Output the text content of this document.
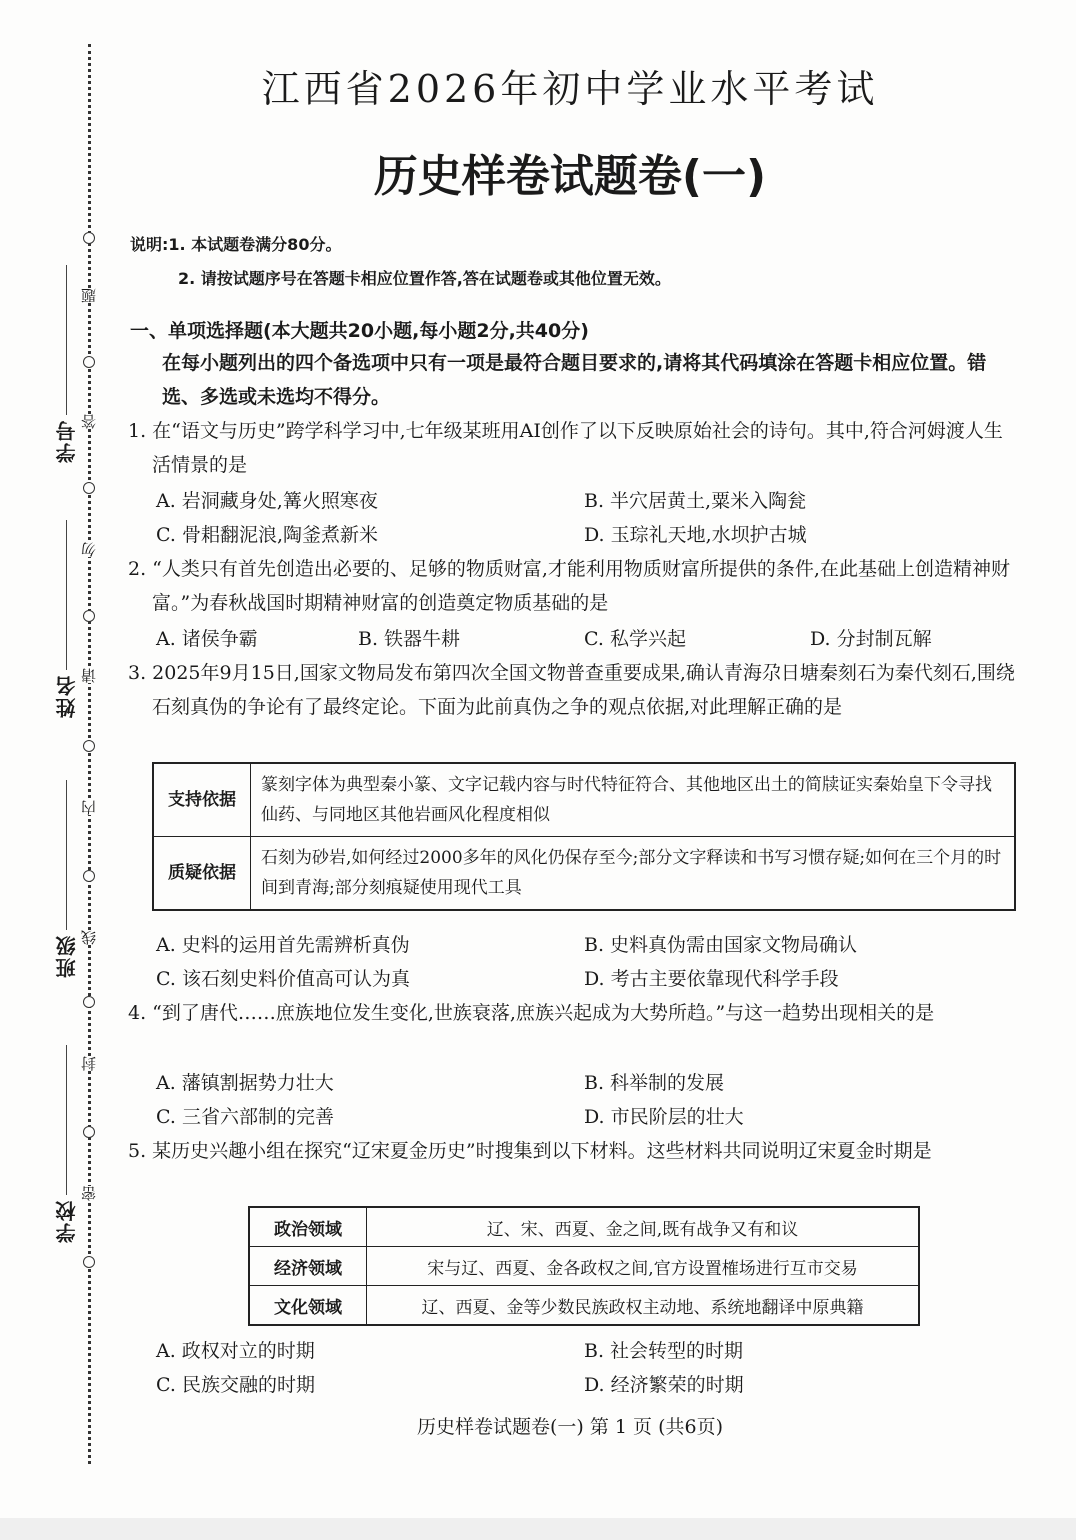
学号
姓名
班级
学校
题
答
勿
请
内
线
封
密
江西省2026年初中学业水平考试
历史样卷试题卷(一)
说明:1. 本试题卷满分80分。
2. 请按试题序号在答题卡相应位置作答,答在试题卷或其他位置无效。
一、单项选择题(本大题共20小题,每小题2分,共40分)
在每小题列出的四个备选项中只有一项是最符合题目要求的,请将其代码填涂在答题卡相应位置。错选、多选或未选均不得分。
1. 在“语文与历史”跨学科学习中,七年级某班用AI创作了以下反映原始社会的诗句。其中,符合河姆渡人生活情景的是
A. 岩洞藏身处,篝火照寒夜	B. 半穴居黄土,粟米入陶瓮
C. 骨耜翻泥浪,陶釜煮新米	D. 玉琮礼天地,水坝护古城
2. “人类只有首先创造出必要的、足够的物质财富,才能利用物质财富所提供的条件,在此基础上创造精神财富。”为春秋战国时期精神财富的创造奠定物质基础的是
A. 诸侯争霸	B. 铁器牛耕	C. 私学兴起	D. 分封制瓦解
3. 2025年9月15日,国家文物局发布第四次全国文物普查重要成果,确认青海尕日塘秦刻石为秦代刻石,围绕石刻真伪的争论有了最终定论。下面为此前真伪之争的观点依据,对此理解正确的是
支持依据	篆刻字体为典型秦小篆、文字记载内容与时代特征符合、其他地区出土的简牍证实秦始皇下令寻找仙药、与同地区其他岩画风化程度相似
质疑依据	石刻为砂岩,如何经过2000多年的风化仍保存至今;部分文字释读和书写习惯存疑;如何在三个月的时间到青海;部分刻痕疑使用现代工具
A. 史料的运用首先需辨析真伪	B. 史料真伪需由国家文物局确认
C. 该石刻史料价值高可认为真	D. 考古主要依靠现代科学手段
4. “到了唐代……庶族地位发生变化,世族衰落,庶族兴起成为大势所趋。”与这一趋势出现相关的是
A. 藩镇割据势力壮大	B. 科举制的发展
C. 三省六部制的完善	D. 市民阶层的壮大
5. 某历史兴趣小组在探究“辽宋夏金历史”时搜集到以下材料。这些材料共同说明辽宋夏金时期是
政治领域	辽、宋、西夏、金之间,既有战争又有和议
经济领域	宋与辽、西夏、金各政权之间,官方设置榷场进行互市交易
文化领域	辽、西夏、金等少数民族政权主动地、系统地翻译中原典籍
A. 政权对立的时期	B. 社会转型的时期
C. 民族交融的时期	D. 经济繁荣的时期
历史样卷试题卷(一) 第 1 页 (共6页)
